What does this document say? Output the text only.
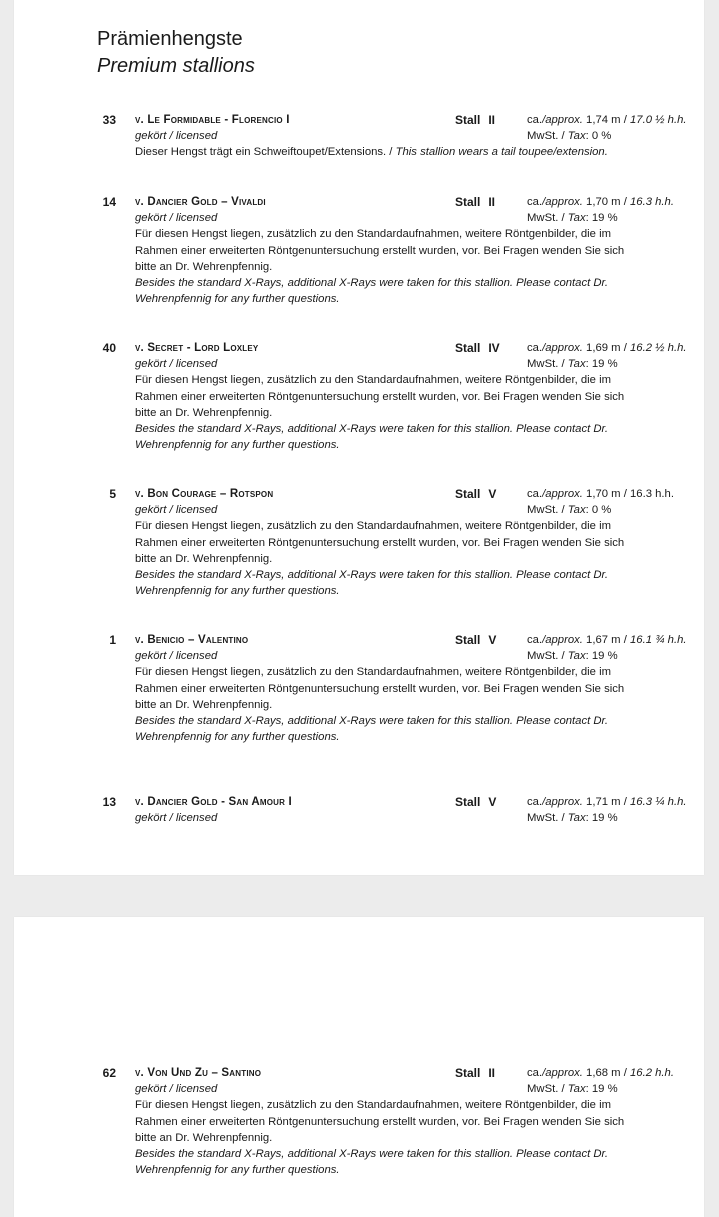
Prämienhengste
Premium stallions
33 v. Le Formidable - Florencio I
gekört / licensed
Dieser Hengst trägt ein Schweiftoupet/Extensions. / This stallion wears a tail toupee/extension.
Stall II	ca./approx. 1,74 m / 17.0 ½ h.h.
MwSt. / Tax: 0 %
14 v. Dancier Gold – Vivaldi
gekört / licensed
Für diesen Hengst liegen, zusätzlich zu den Standardaufnahmen, weitere Röntgenbilder, die im Rahmen einer erweiterten Röntgenuntersuchung erstellt wurden, vor. Bei Fragen wenden Sie sich bitte an Dr. Wehrenpfennig.
Besides the standard X-Rays, additional X-Rays were taken for this stallion. Please contact Dr. Wehrenpfennig for any further questions.
Stall II	ca./approx. 1,70 m / 16.3 h.h.
MwSt. / Tax: 19 %
40 v. Secret - Lord Loxley
gekört / licensed
Für diesen Hengst liegen, zusätzlich zu den Standardaufnahmen, weitere Röntgenbilder, die im Rahmen einer erweiterten Röntgenuntersuchung erstellt wurden, vor. Bei Fragen wenden Sie sich bitte an Dr. Wehrenpfennig.
Besides the standard X-Rays, additional X-Rays were taken for this stallion. Please contact Dr. Wehrenpfennig for any further questions.
Stall IV ca./approx. 1,69 m / 16.2 ½ h.h.
MwSt. / Tax: 19 %
5 v. Bon Courage – Rotspon
gekört / licensed
Für diesen Hengst liegen, zusätzlich zu den Standardaufnahmen, weitere Röntgenbilder, die im Rahmen einer erweiterten Röntgenuntersuchung erstellt wurden, vor. Bei Fragen wenden Sie sich bitte an Dr. Wehrenpfennig.
Besides the standard X-Rays, additional X-Rays were taken for this stallion. Please contact Dr. Wehrenpfennig for any further questions.
Stall V	ca./approx. 1,70 m / 16.3 h.h.
MwSt. / Tax: 0 %
1 v. Benicio – Valentino
gekört / licensed
Für diesen Hengst liegen, zusätzlich zu den Standardaufnahmen, weitere Röntgenbilder, die im Rahmen einer erweiterten Röntgenuntersuchung erstellt wurden, vor. Bei Fragen wenden Sie sich bitte an Dr. Wehrenpfennig.
Besides the standard X-Rays, additional X-Rays were taken for this stallion. Please contact Dr. Wehrenpfennig for any further questions.
Stall V	ca./approx. 1,67 m / 16.1 ¾ h.h.
MwSt. / Tax: 19 %
13 v. Dancier Gold - San Amour I
gekört / licensed
Stall V	ca./approx. 1,71 m / 16.3 ¼ h.h.
MwSt. / Tax: 19 %
62 v. Von Und Zu – Santino
gekört / licensed
Für diesen Hengst liegen, zusätzlich zu den Standardaufnahmen, weitere Röntgenbilder, die im Rahmen einer erweiterten Röntgenuntersuchung erstellt wurden, vor. Bei Fragen wenden Sie sich bitte an Dr. Wehrenpfennig.
Besides the standard X-Rays, additional X-Rays were taken for this stallion. Please contact Dr. Wehrenpfennig for any further questions.
Stall II	ca./approx. 1,68 m / 16.2 h.h.
MwSt. / Tax: 19 %
